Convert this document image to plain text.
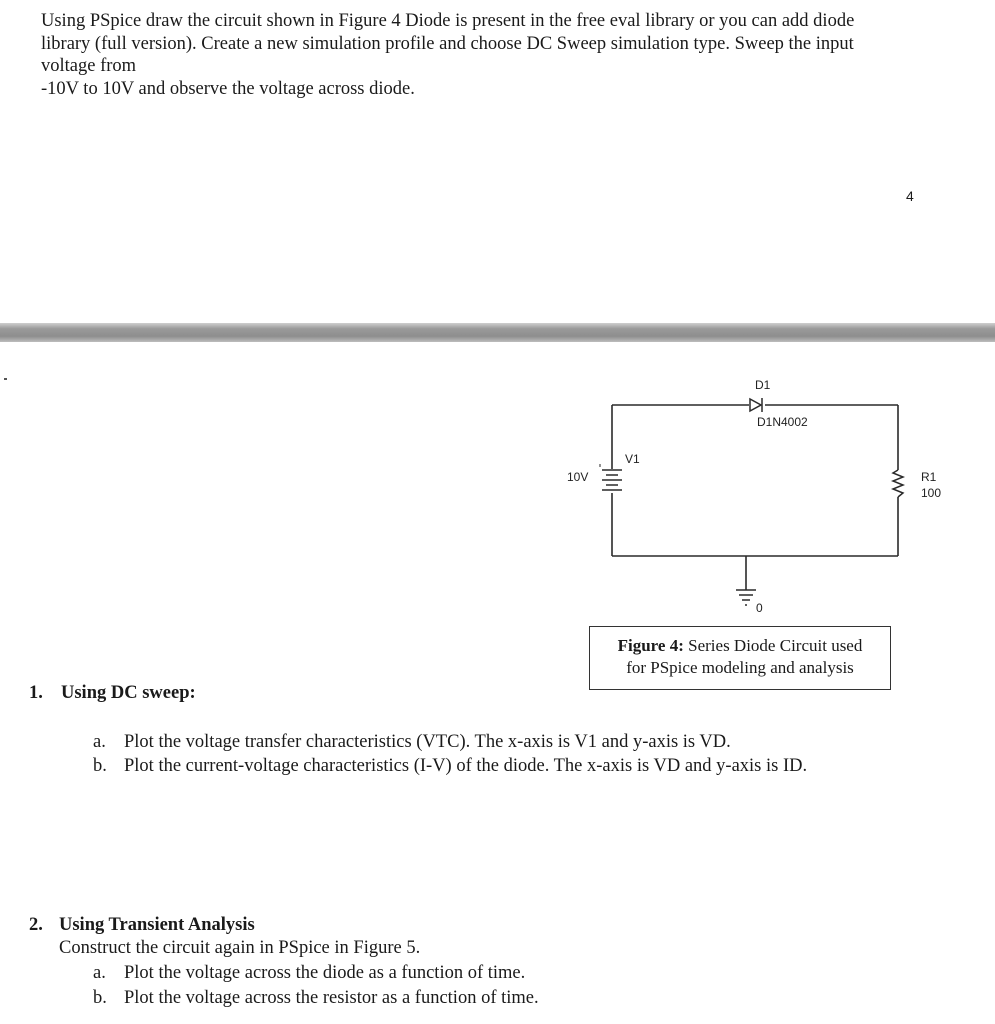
Using PSpice draw the circuit shown in Figure 4 Diode is present in the free eval library or you can add diode
library (full version). Create a new simulation profile and choose DC Sweep simulation type. Sweep the input
voltage from
-10V to 10V and observe the voltage across diode.
4
D1
D1N4002
V1
10V	R1
100
0
Figure 4: Series Diode Circuit used
for PSpice modeling and analysis
1. Using DC sweep:
a. Plot the voltage transfer characteristics (VTC). The x-axis is V1 and y-axis is VD.
b. Plot the current-voltage characteristics (I-V) of the diode. The x-axis is VD and y-axis is ID.
2. Using Transient Analysis
Construct the circuit again in PSpice in Figure 5.
a. Plot the voltage across the diode as a function of time.
b. Plot the voltage across the resistor as a function of time.
